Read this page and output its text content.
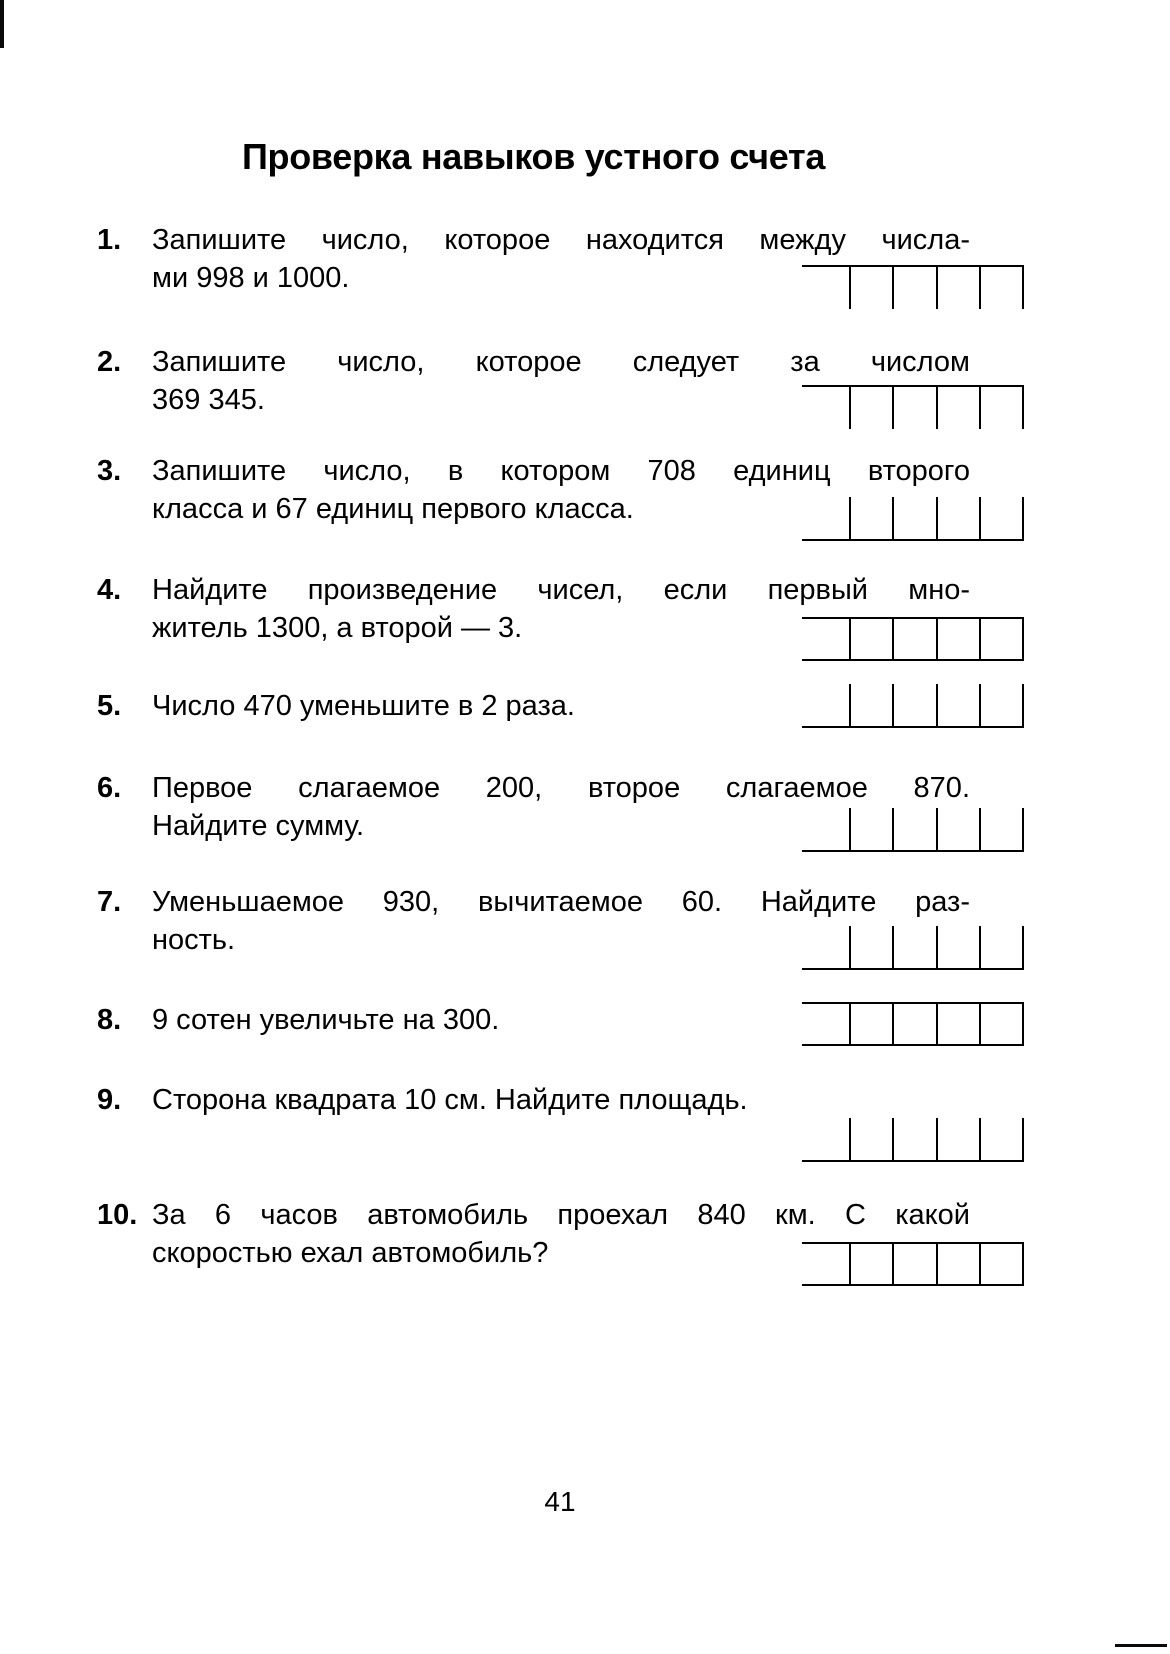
Проверка навыков устного счета
1.	Запишите число, которое находится между числа-
ми 998 и 1000.
2.	Запишите число, которое следует за числом
369 345.
3.	Запишите число, в котором 708 единиц второго
класса и 67 единиц первого класса.
4.	Найдите произведение чисел, если первый мно-
житель 1300, а второй — 3.
5.	Число 470 уменьшите в 2 раза.
6.	Первое слагаемое 200, второе слагаемое 870.
Найдите сумму.
7.	Уменьшаемое 930, вычитаемое 60. Найдите раз-
ность.
8.	9 сотен увеличьте на 300.
9.	Сторона квадрата 10 см. Найдите площадь.
10. За 6 часов автомобиль проехал 840 км. С какой
скоростью ехал автомобиль?
41
